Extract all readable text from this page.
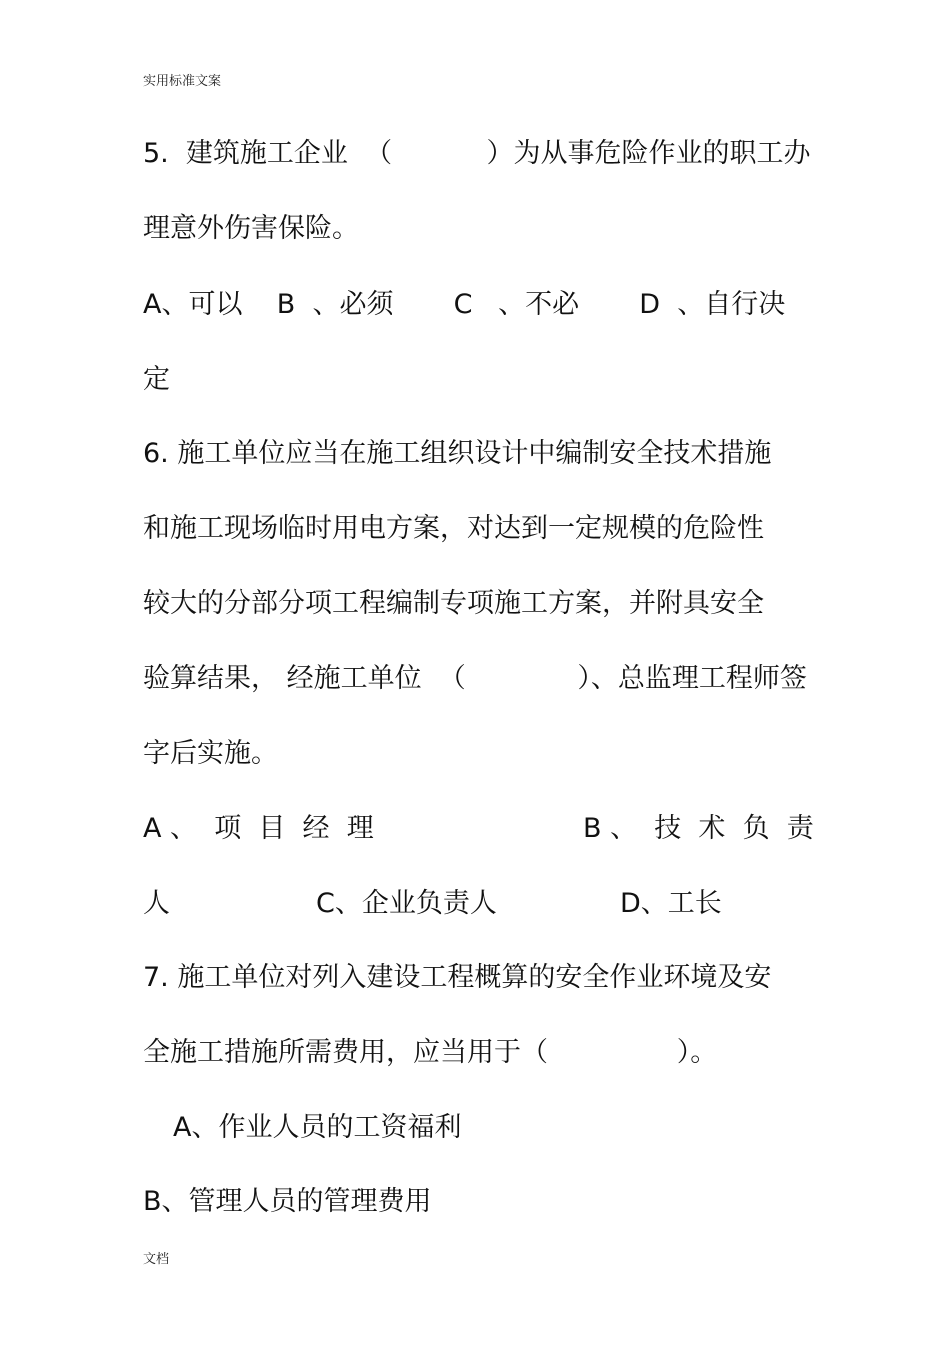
实用标准文案
5.  建筑施工企业  （           ）为从事危险作业的职工办
理意外伤害保险。
A、可以    B  、必须       C   、不必       D  、自行决
定
6. 施工单位应当在施工组织设计中编制安全技术措施
和施工现场临时用电方案，对达到一定规模的危险性
较大的分部分项工程编制专项施工方案，并附具安全
验算结果， 经施工单位  （             ）、总监理工程师签
字后实施。
A 、  项  目  经  理	B 、  技  术  负  责
人	C、企业负责人	D、工长
7. 施工单位对列入建设工程概算的安全作业环境及安
全施工措施所需费用，应当用于（               ）。
A、作业人员的工资福利
B、管理人员的管理费用
文档
